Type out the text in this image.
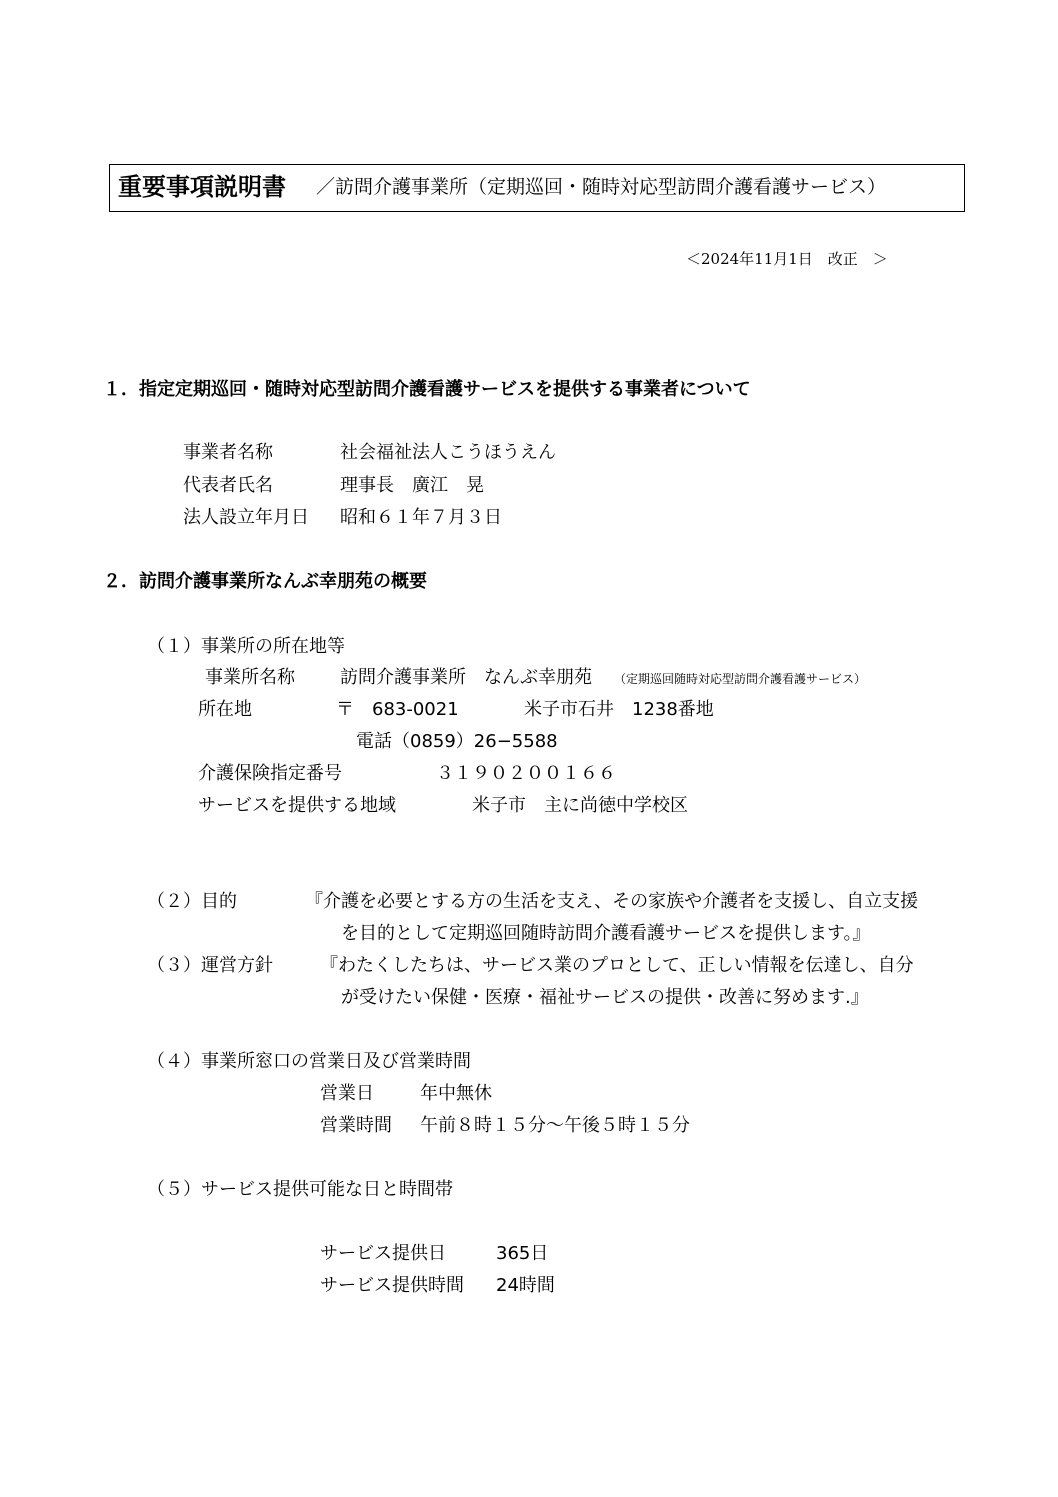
重要事項説明書 ／訪問介護事業所（定期巡回・随時対応型訪問介護看護サービス）
＜2024年11月1日　改正　＞
１．指定定期巡回・随時対応型訪問介護看護サービスを提供する事業者について
事業者名称	社会福祉法人こうほうえん
代表者氏名	理事長　廣江　晃
法人設立年月日 昭和６１年７月３日
２．訪問介護事業所なんぶ幸朋苑の概要
（１）事業所の所在地等
事業所名称	訪問介護事業所　なんぶ幸朋苑 （定期巡回随時対応型訪問介護看護サービス）
所在地	〒　683-0021	米子市石井　1238番地
電話（0859）26−5588
介護保険指定番号	３１９０２００１６６
サービスを提供する地域	米子市　主に尚徳中学校区
（２）目的	『介護を必要とする方の生活を支え、その家族や介護者を支援し、自立支援
を目的として定期巡回随時訪問介護看護サービスを提供します。』
（３）運営方針	『わたくしたちは、サービス業のプロとして、正しい情報を伝達し、自分
が受けたい保健・医療・福祉サービスの提供・改善に努めます.』
（４）事業所窓口の営業日及び営業時間
営業日	年中無休
営業時間 午前８時１５分～午後５時１５分
（５）サービス提供可能な日と時間帯
サービス提供日	365日
サービス提供時間 24時間
